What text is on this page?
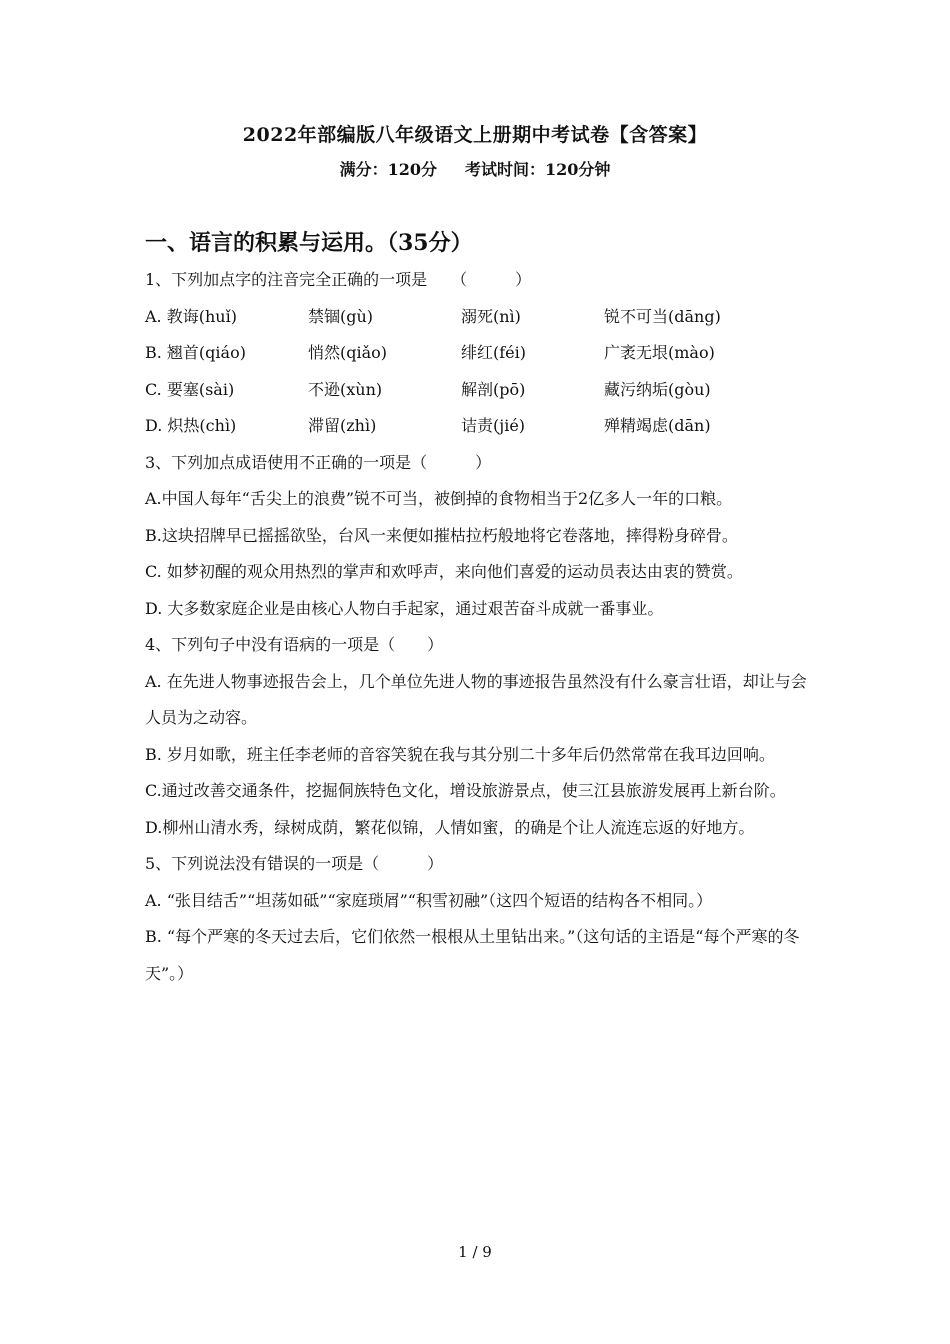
2022年部编版八年级语文上册期中考试卷【含答案】
满分：120分 考试时间：120分钟
一、语言的积累与运用。（35分）
1、下列加点字的注音完全正确的一项是　　（　　　）
A. 教诲(huǐ)	禁锢(gù)	溺死(nì)	锐不可当(dāng)
B. 翘首(qiáo)	悄然(qiǎo)	绯红(féi)	广袤无垠(mào)
C. 要塞(sài)	不逊(xùn)	解剖(pō)	藏污纳垢(gòu)
D. 炽热(chì)	滞留(zhì)	诘责(jié)	殚精竭虑(dān)
3、下列加点成语使用不正确的一项是（　　　）
A.中国人每年“舌尖上的浪费”锐不可当，被倒掉的食物相当于2亿多人一年的口粮。
B.这块招牌早已摇摇欲坠，台风一来便如摧枯拉朽般地将它卷落地，摔得粉身碎骨。
C. 如梦初醒的观众用热烈的掌声和欢呼声，来向他们喜爱的运动员表达由衷的赞赏。
D. 大多数家庭企业是由核心人物白手起家，通过艰苦奋斗成就一番事业。
4、下列句子中没有语病的一项是（　　）
A. 在先进人物事迹报告会上，几个单位先进人物的事迹报告虽然没有什么豪言壮语，却让与会人员为之动容。
B. 岁月如歌，班主任李老师的音容笑貌在我与其分别二十多年后仍然常常在我耳边回响。
C.通过改善交通条件，挖掘侗族特色文化，增设旅游景点，使三江县旅游发展再上新台阶。
D.柳州山清水秀，绿树成荫，繁花似锦，人情如蜜，的确是个让人流连忘返的好地方。
5、下列说法没有错误的一项是（　　　）
A. “张目结舌”“坦荡如砥”“家庭琐屑”“积雪初融”（这四个短语的结构各不相同。）
B. “每个严寒的冬天过去后，它们依然一根根从土里钻出来。”（这句话的主语是“每个严寒的冬天”。）
1 / 9
